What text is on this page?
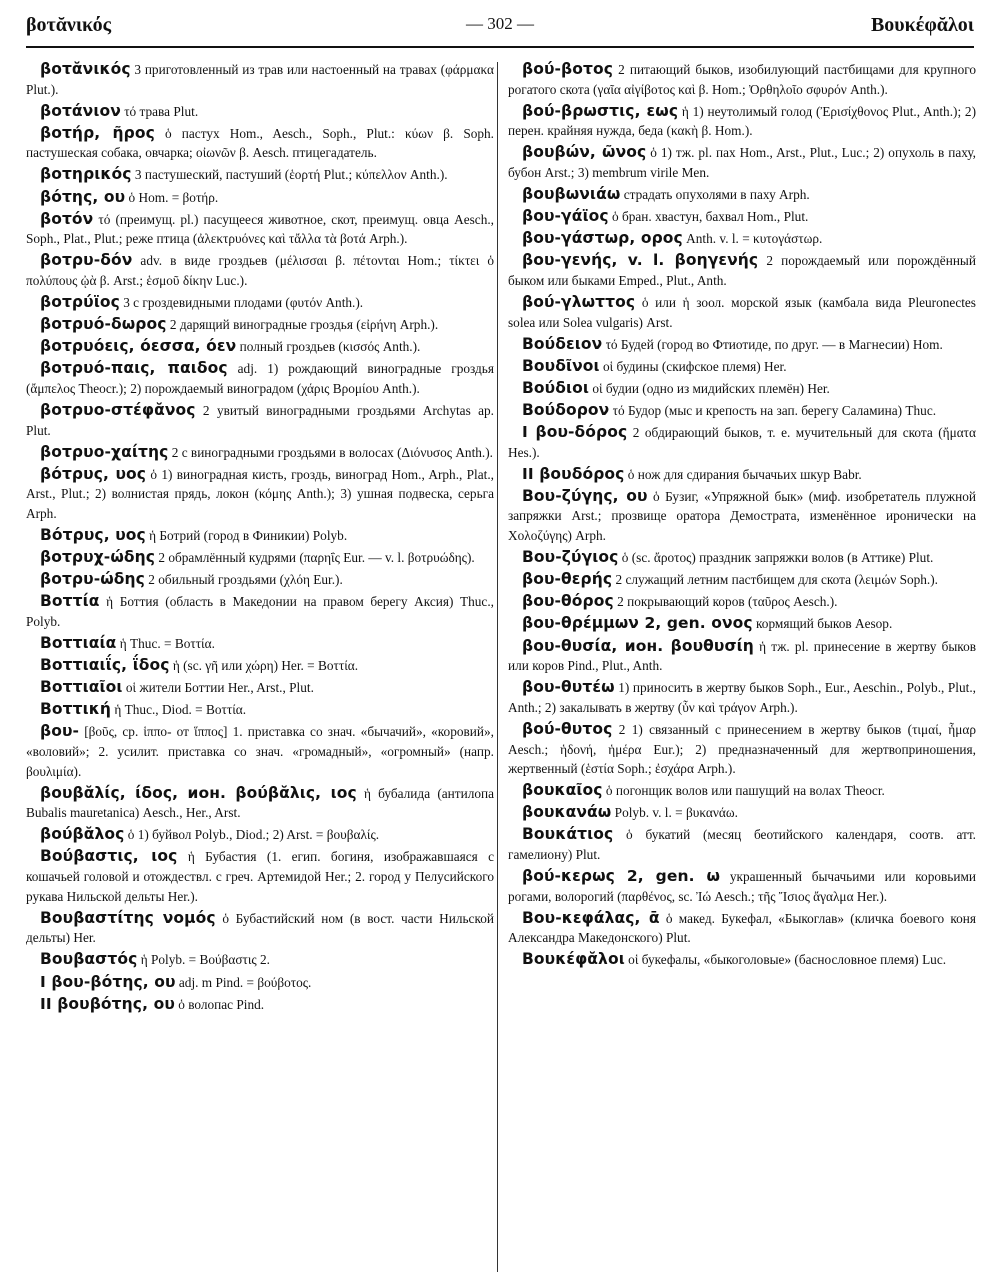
βοτᾰνικός	— 302 —	Βουκέφᾰλοι

βοτᾰνικός 3 приготовленный из трав или настоенный на травах (φάρμακα Plut.).

βοτάνιον τό трава Plut.

βοτήρ, ῆρος ὁ пастух Hom., Aesch., Soph., Plut.: κύων β. Soph. пастушеская собака, овчарка; οἰωνῶν β. Aesch. птицегадатель.

βοτηρικός 3 пастушеский, пастуший (ἑορτή Plut.; κύπελλον Anth.).

βότης, ου ὁ Hom. = βοτήρ.

βοτόν τό (преимущ. pl.) пасущееся животное, скот, преимущ. овца Aesch., Soph., Plat., Plut.; реже птица (ἀλεκτρυόνες καὶ τἄλλα τὰ βοτά Arph.).

βοτρυ-δόν adv. в виде гроздьев (μέλισσαι β. πέτονται Hom.; τίκτει ὁ πολύπους ᾠὰ β. Arst.; ἑσμοῦ δίκην Luc.).

βοτρύϊος 3 с гроздевидными плодами (φυτόν Anth.).

βοτρυό-δωρος 2 дарящий виноградные гроздья (εἰρήνη Arph.).

βοτρυόεις, όεσσα, όεν полный гроздьев (κισσός Anth.).

βοτρυό-παις, παιδος adj. 1) рождающий виноградные гроздья (ἄμπελος Theocr.); 2) порождаемый виноградом (χάρις Βρομίου Anth.).

βοτρυο-στέφᾰνος 2 увитый виноградными гроздьями Archytas ap. Plut.

βοτρυο-χαίτης 2 с виноградными гроздьями в волосах (Διόνυσος Anth.).

βότρυς, υος ὁ 1) виноградная кисть, гроздь, виноград Hom., Arph., Plat., Arst., Plut.; 2) волнистая прядь, локон (κόμης Anth.); 3) ушная подвеска, серьга Arph.

Βότρυς, υος ἡ Ботрий (город в Финикии) Polyb.

βοτρυχ-ώδης 2 обрамлённый кудрями (παρηΐς Eur. — v. l. βοτρυώδης).

βοτρυ-ώδης 2 обильный гроздьями (χλόη Eur.).

Βοττία ἡ Боттия (область в Македонии на правом берегу Аксия) Thuc., Polyb.

Βοττιαία ἡ Thuc. = Βοττία.

Βοττιαιΐς, ΐδος ἡ (sc. γῆ или χώρη) Her. = Βοττία.

Βοττιαῖοι οἱ жители Боттии Her., Arst., Plut.

Βοττική ἡ Thuc., Diod. = Βοττία.

βου- [βοῦς, ср. ἱππο- от ἵππος] 1. приставка со знач. «бычачий», «коровий», «воловий»; 2. усилит. приставка со знач. «громадный», «огромный» (напр. βουλιμία).

βουβᾰλίς, ίδος, ион. βούβᾰλις, ιος ἡ бубалида (антилопа Bubalis mauretanica) Aesch., Her., Arst.

βούβᾰλος ὁ 1) буйвол Polyb., Diod.; 2) Arst. = βουβαλίς.

Βούβαστις, ιος ἡ Бубастия (1. егип. богиня, изображавшаяся с кошачьей головой и отождествл. с греч. Артемидой Her.; 2. город у Пелусийского рукава Нильской дельты Her.).

Βουβαστίτης νομός ὁ Бубастийский ном (в вост. части Нильской дельты) Her.

Βουβαστός ἡ Polyb. = Βούβαστις 2.

I βου-βότης, ου adj. m Pind. = βούβοτος.

II βουβότης, ου ὁ волопас Pind.

βού-βοτος 2 питающий быков, изобилующий пастбищами для крупного рогатого скота (γαῖα αἰγίβοτος καὶ β. Hom.; Ὀρθηλοῖο σφυρόν Anth.).

βού-βρωστις, εως ἡ 1) неутолимый голод (Ἐρισίχθονος Plut., Anth.); 2) перен. крайняя нужда, беда (κακὴ β. Hom.).

βουβών, ῶνος ὁ 1) тж. pl. пах Hom., Arst., Plut., Luc.; 2) опухоль в паху, бубон Arst.; 3) membrum virile Men.

βουβωνιάω страдать опухолями в паху Arph.

βου-γάϊος ὁ бран. хвастун, бахвал Hom., Plut.

βου-γάστωρ, ορος Anth. v. l. = κυτογάστωρ.

βου-γενής, v. l. βοηγενής 2 порождаемый или порождённый быком или быками Emped., Plut., Anth.

βού-γλωττος ὁ или ἡ зоол. морской язык (камбала вида Pleuronectes solea или Solea vulgaris) Arst.

Βούδειον τό Будей (город во Фтиотиде, по друг. — в Магнесии) Hom.

Βουδῖνοι οἱ будины (скифское племя) Her.

Βούδιοι οἱ будии (одно из мидийских племён) Her.

Βούδορον τό Будор (мыс и крепость на зап. берегу Саламина) Thuc.

I βου-δόρος 2 обдирающий быков, т. е. мучительный для скота (ἤματα Hes.).

II βουδόρος ὁ нож для сдирания бычачьих шкур Babr.

Βου-ζύγης, ου ὁ Бузиг, «Упряжной бык» (миф. изобретатель плужной запряжки Arst.; прозвище оратора Демострата, изменённое иронически на Χολοζύγης) Arph.

Βου-ζύγιος ὁ (sc. ἄροτος) праздник запряжки волов (в Аттике) Plut.

βου-θερής 2 служащий летним пастбищем для скота (λειμών Soph.).

βου-θόρος 2 покрывающий коров (ταῦρος Aesch.).

βου-θρέμμων 2, gen. ονος кормящий быков Aesop.

βου-θυσία, ион. βουθυσίη ἡ тж. pl. принесение в жертву быков или коров Pind., Plut., Anth.

βου-θυτέω 1) приносить в жертву быков Soph., Eur., Aeschin., Polyb., Plut., Anth.; 2) закалывать в жертву (ὗν καὶ τράγον Arph.).

βού-θυτος 2 1) связанный с принесением в жертву быков (τιμαί, ἦμαρ Aesch.; ἡδονή, ἡμέρα Eur.); 2) предназначенный для жертвоприношения, жертвенный (ἑστία Soph.; ἐσχάρα Arph.).

βουκαῖος ὁ погонщик волов или пашущий на волах Theocr.

βουκανάω Polyb. v. l. = βυκανάω.

Βουκάτιος ὁ букатий (месяц беотийского календаря, соотв. атт. гамелиону) Plut.

βού-κερως 2, gen. ω украшенный бычачьими или коровьими рогами, волорогий (παρθένος, sc. Ἰώ Aesch.; τῆς Ἴσιος ἄγαλμα Her.).

Βου-κεφάλας, ᾱ ὁ макед. Букефал, «Быкоглав» (кличка боевого коня Александра Македонского) Plut.

Βουκέφᾰλοι οἱ букефалы, «быкоголовые» (баснословное племя) Luc.
